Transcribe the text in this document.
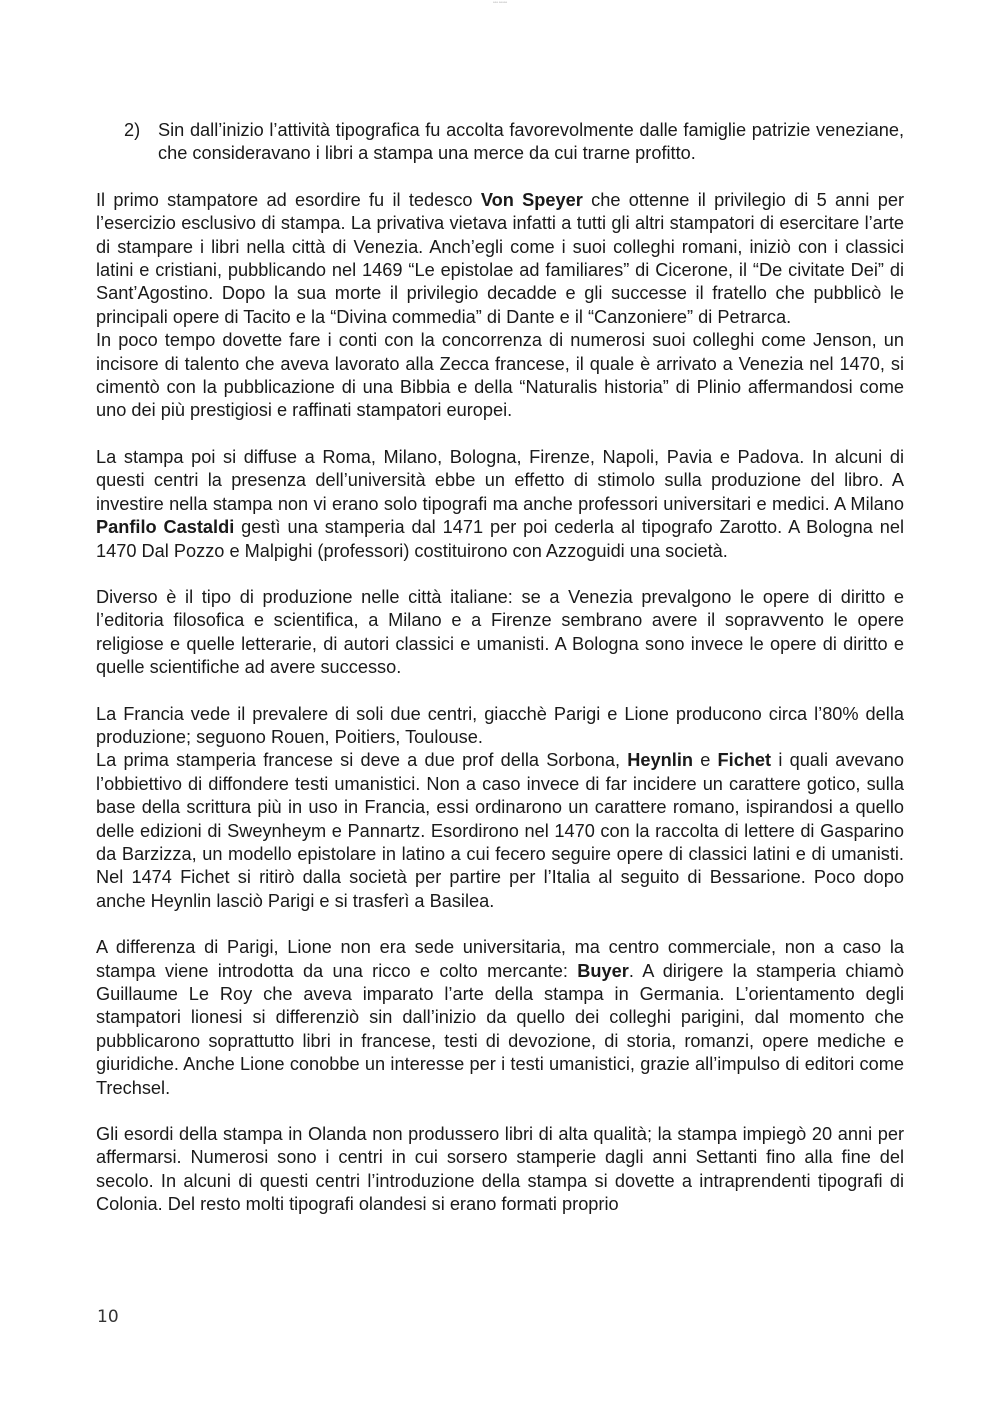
aaa aaaaa
2) Sin dall’inizio l’attività tipografica fu accolta favorevolmente dalle famiglie patrizie veneziane, che consideravano i libri a stampa una merce da cui trarne profitto.

Il primo stampatore ad esordire fu il tedesco Von Speyer che ottenne il privilegio di 5 anni per l’esercizio esclusivo di stampa. La privativa vietava infatti a tutti gli altri stampatori di esercitare l’arte di stampare i libri nella città di Venezia. Anch’egli come i suoi colleghi romani, iniziò con i classici latini e cristiani, pubblicando nel 1469 “Le epistolae ad familiares” di Cicerone, il “De civitate Dei” di Sant’Agostino. Dopo la sua morte il privilegio decadde e gli successe il fratello che pubblicò le principali opere di Tacito e la “Divina commedia” di Dante e il “Canzoniere” di Petrarca.

In poco tempo dovette fare i conti con la concorrenza di numerosi suoi colleghi come Jenson, un incisore di talento che aveva lavorato alla Zecca francese, il quale è arrivato a Venezia nel 1470, si cimentò con la pubblicazione di una Bibbia e della “Naturalis historia” di Plinio affermandosi come uno dei più prestigiosi e raffinati stampatori europei.

La stampa poi si diffuse a Roma, Milano, Bologna, Firenze, Napoli, Pavia e Padova. In alcuni di questi centri la presenza dell’università ebbe un effetto di stimolo sulla produzione del libro. A investire nella stampa non vi erano solo tipografi ma anche professori universitari e medici. A Milano Panfilo Castaldi gestì una stamperia dal 1471 per poi cederla al tipografo Zarotto. A Bologna nel 1470 Dal Pozzo e Malpighi (professori) costituirono con Azzoguidi una società.

Diverso è il tipo di produzione nelle città italiane: se a Venezia prevalgono le opere di diritto e l’editoria filosofica e scientifica, a Milano e a Firenze sembrano avere il sopravvento le opere religiose e quelle letterarie, di autori classici e umanisti. A Bologna sono invece le opere di diritto e quelle scientifiche ad avere successo.

La Francia vede il prevalere di soli due centri, giacchè Parigi e Lione producono circa l’80% della produzione; seguono Rouen, Poitiers, Toulouse.

La prima stamperia francese si deve a due prof della Sorbona, Heynlin e Fichet i quali avevano l’obbiettivo di diffondere testi umanistici. Non a caso invece di far incidere un carattere gotico, sulla base della scrittura più in uso in Francia, essi ordinarono un carattere romano, ispirandosi a quello delle edizioni di Sweynheym e Pannartz. Esordirono nel 1470 con la raccolta di lettere di Gasparino da Barzizza, un modello epistolare in latino a cui fecero seguire opere di classici latini e di umanisti. Nel 1474 Fichet si ritirò dalla società per partire per l’Italia al seguito di Bessarione. Poco dopo anche Heynlin lasciò Parigi e si trasferì a Basilea.

A differenza di Parigi, Lione non era sede universitaria, ma centro commerciale, non a caso la stampa viene introdotta da una ricco e colto mercante: Buyer. A dirigere la stamperia chiamò Guillaume Le Roy che aveva imparato l’arte della stampa in Germania. L’orientamento degli stampatori lionesi si differenziò sin dall’inizio da quello dei colleghi parigini, dal momento che pubblicarono soprattutto libri in francese, testi di devozione, di storia, romanzi, opere mediche e giuridiche. Anche Lione conobbe un interesse per i testi umanistici, grazie all’impulso di editori come Trechsel.

Gli esordi della stampa in Olanda non produssero libri di alta qualità; la stampa impiegò 20 anni per affermarsi. Numerosi sono i centri in cui sorsero stamperie dagli anni Settanti fino alla fine del secolo. In alcuni di questi centri l’introduzione della stampa si dovette a intraprendenti tipografi di Colonia. Del resto molti tipografi olandesi si erano formati proprio

10
